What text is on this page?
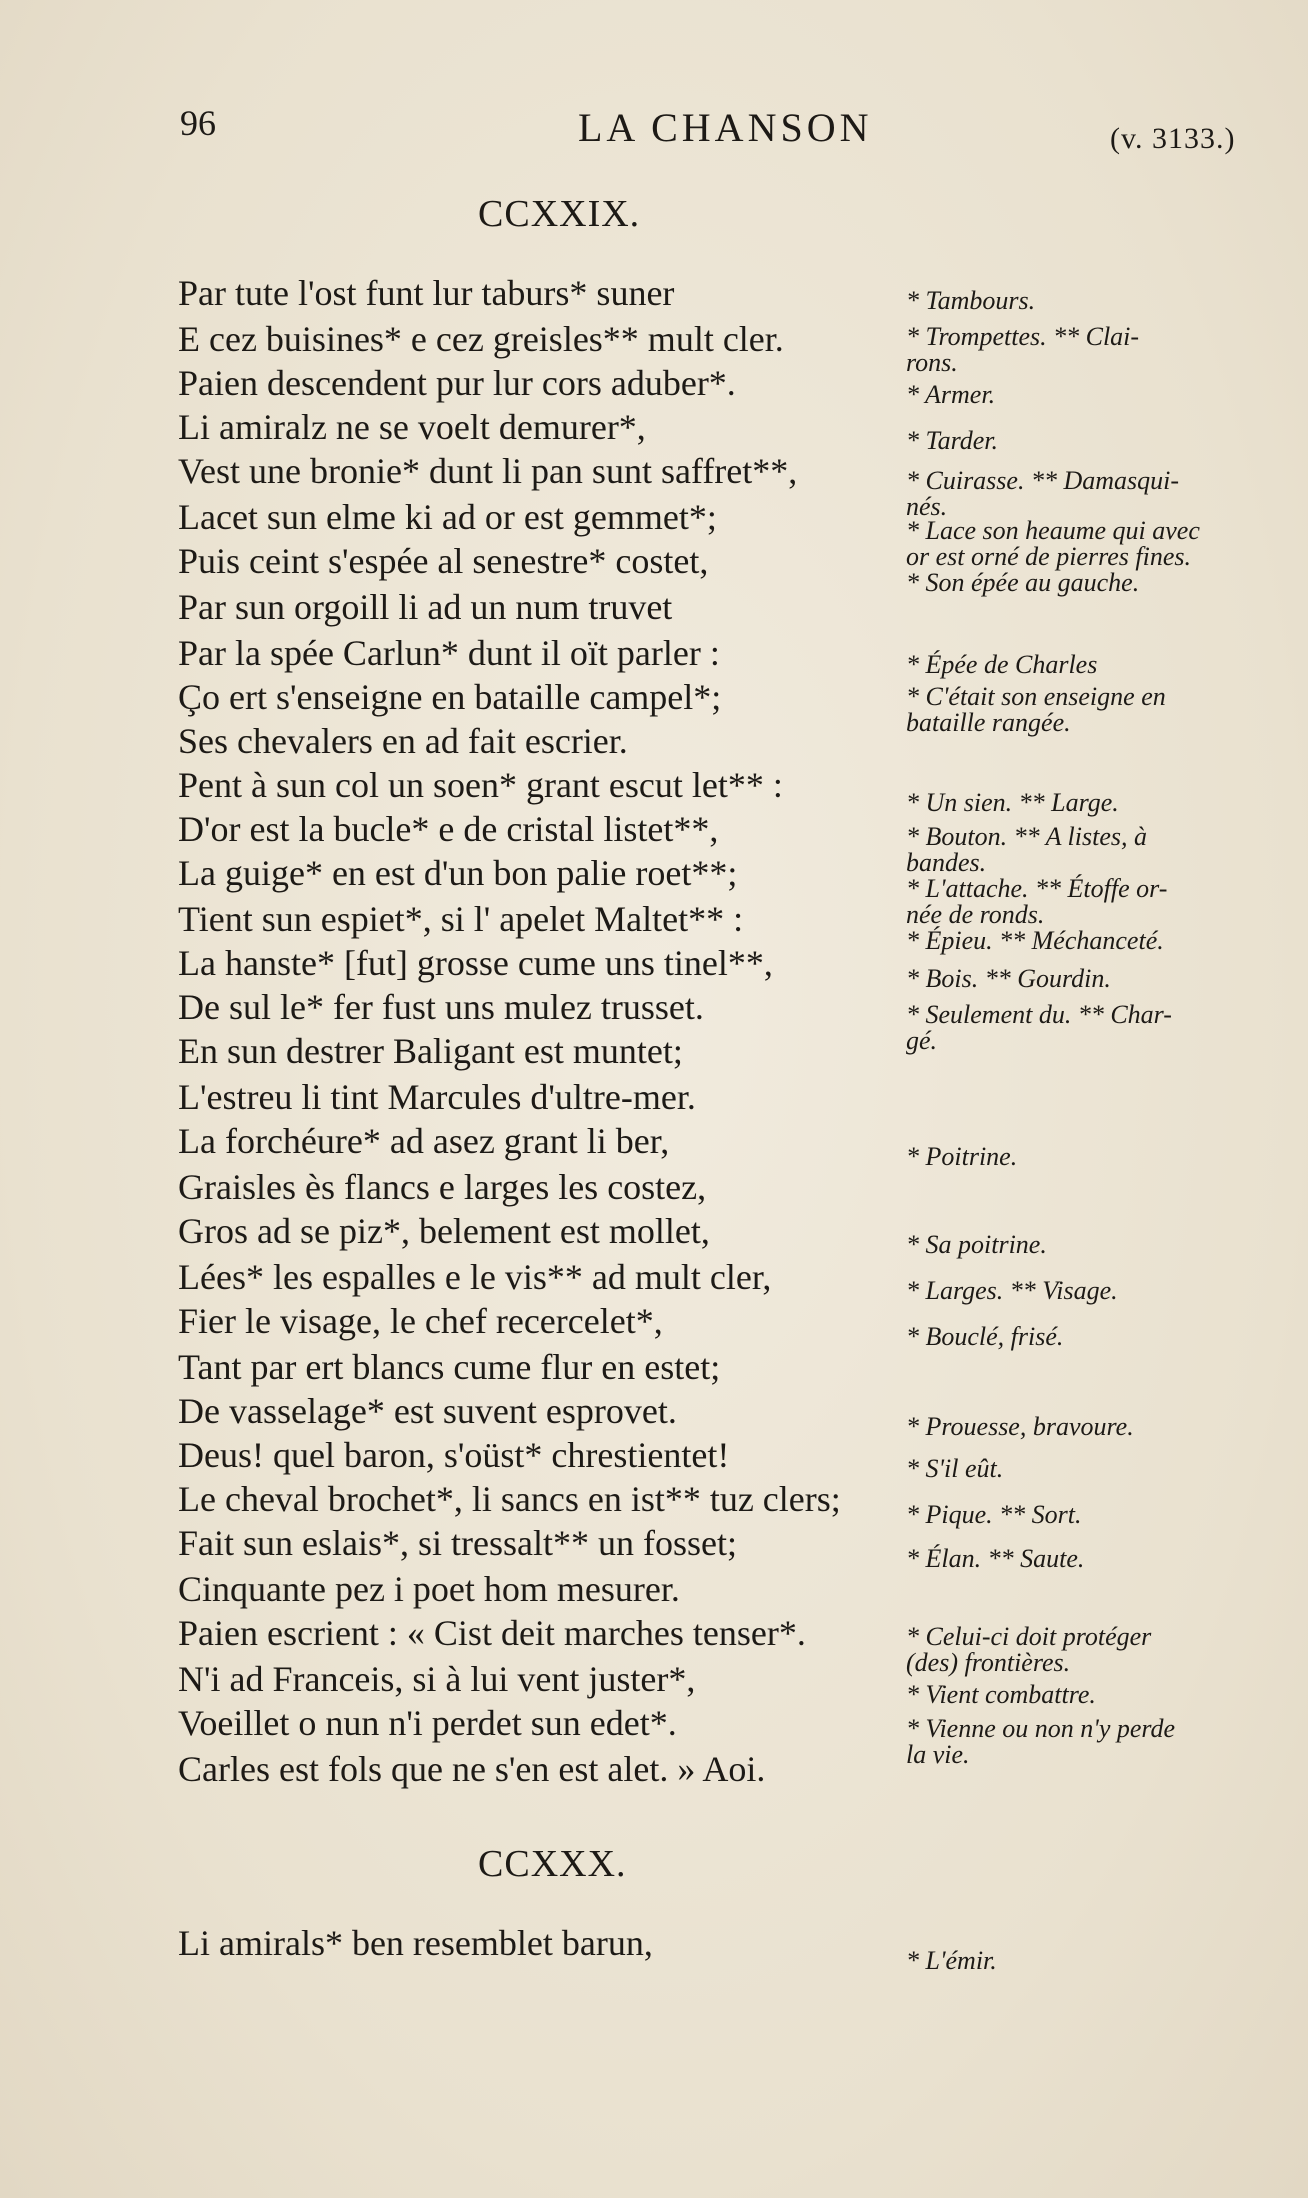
96	LA CHANSON	(v. 3133.)
CCXXIX.
Par tute l'ost funt lur taburs* suner
E cez buisines* e cez greisles** mult cler.
Paien descendent pur lur cors aduber*.
Li amiralz ne se voelt demurer*,
Vest une bronie* dunt li pan sunt saffret**,
Lacet sun elme ki ad or est gemmet*;
Puis ceint s'espée al senestre* costet,
Par sun orgoill li ad un num truvet
Par la spée Carlun* dunt il oït parler :
Ço ert s'enseigne en bataille campel*;
Ses chevalers en ad fait escrier.
Pent à sun col un soen* grant escut let** :
D'or est la bucle* e de cristal listet**,
La guige* en est d'un bon palie roet**;
Tient sun espiet*, si l' apelet Maltet** :
La hanste* [fut] grosse cume uns tinel**,
De sul le* fer fust uns mulez trusset.
En sun destrer Baligant est muntet;
L'estreu li tint Marcules d'ultre-mer.
La forchéure* ad asez grant li ber,
Graisles ès flancs e larges les costez,
Gros ad se piz*, belement est mollet,
Lées* les espalles e le vis** ad mult cler,
Fier le visage, le chef recercelet*,
Tant par ert blancs cume flur en estet;
De vasselage* est suvent esprovet.
Deus! quel baron, s'oüst* chrestientet!
Le cheval brochet*, li sancs en ist** tuz clers;
Fait sun eslais*, si tressalt** un fosset;
Cinquante pez i poet hom mesurer.
Paien escrient : « Cist deit marches tenser*.
N'i ad Franceis, si à lui vent juster*,
Voeillet o nun n'i perdet sun edet*.
Carles est fols que ne s'en est alet. » Aoi.
CCXXX.
Li amirals* ben resemblet barun,
* Tambours.
* Trompettes. ** Clai-
rons.
* Armer.
* Tarder.
* Cuirasse. ** Damasqui-
nés.
* Lace son heaume qui avec
or est orné de pierres fines.
* Son épée au gauche.
* Épée de Charles
* C'était son enseigne en
bataille rangée.
* Un sien. ** Large.
* Bouton. ** A listes, à
bandes.
* L'attache. ** Étoffe or-
née de ronds.
* Épieu. ** Méchanceté.
* Bois. ** Gourdin.
* Seulement du. ** Char-
gé.
* Poitrine.
* Sa poitrine.
* Larges. ** Visage.
* Bouclé, frisé.
* Prouesse, bravoure.
* S'il eût.
* Pique. ** Sort.
* Élan. ** Saute.
* Celui-ci doit protéger
(des) frontières.
* Vient combattre.
* Vienne ou non n'y perde
la vie.
* L'émir.
